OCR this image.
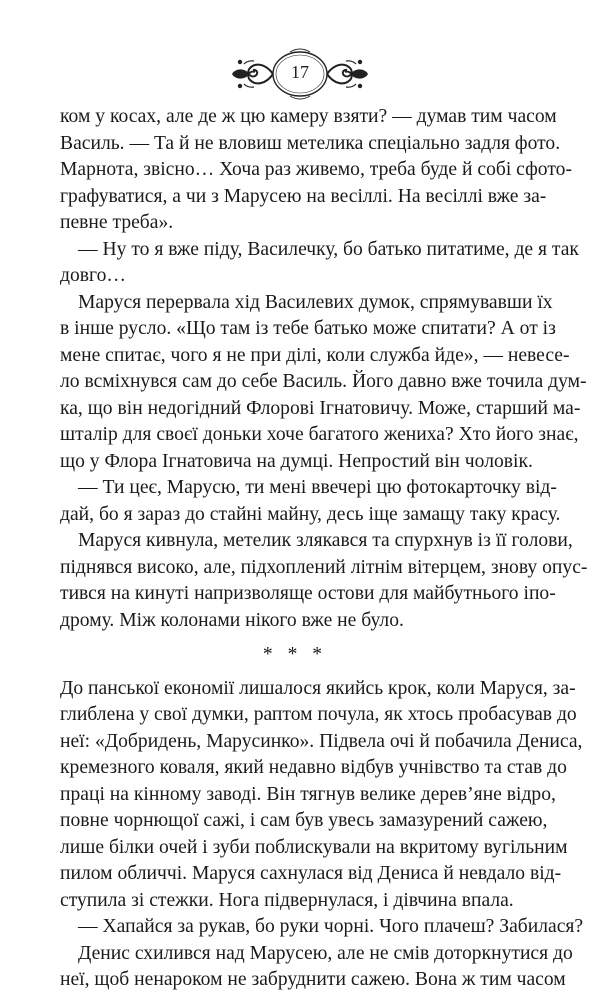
17
ком у косах, але де ж цю камеру взяти? — думав тим часом
Василь. — Та й не вловиш метелика спеціально задля фото.
Марнота, звісно… Хоча раз живемо, треба буде й собі сфото-
графуватися, а чи з Марусею на весіллі. На весіллі вже за-
певне треба».
— Ну то я вже піду, Василечку, бо батько питатиме, де я так
довго…
Маруся перервала хід Василевих думок, спрямувавши їх
в інше русло. «Що там із тебе батько може спитати? А от із
мене спитає, чого я не при ділі, коли служба йде», — невесе-
ло всміхнувся сам до себе Василь. Його давно вже точила дум-
ка, що він недогідний Флорові Ігнатовичу. Може, старший ма-
шталір для своєї доньки хоче багатого жениха? Хто його знає,
що у Флора Ігнатовича на думці. Непростий він чоловік.
— Ти цеє, Марусю, ти мені ввечері цю фотокарточку від-
дай, бо я зараз до стайні майну, десь іще замащу таку красу.
Маруся кивнула, метелик злякався та спурхнув із її голови,
піднявся високо, але, підхоплений літнім вітерцем, знову опус-
тився на кинуті напризволяще остови для майбутнього іпо-
дрому. Між колонами нікого вже не було.
* * *
До панської економії лишалося якийсь крок, коли Маруся, за-
глиблена у свої думки, раптом почула, як хтось пробасував до
неї: «Добридень, Марусинко». Підвела очі й побачила Дениса,
кремезного коваля, який недавно відбув учнівство та став до
праці на кінному заводі. Він тягнув велике дерев’яне відро,
повне чорнющої сажі, і сам був увесь замазурений сажею,
лише білки очей і зуби поблискували на вкритому вугільним
пилом обличчі. Маруся сахнулася від Дениса й невдало від-
ступила зі стежки. Нога підвернулася, і дівчина впала.
— Хапайся за рукав, бо руки чорні. Чого плачеш? Забилася?
Денис схилився над Марусею, але не смів доторкнутися до
неї, щоб ненароком не забруднити сажею. Вона ж тим часом
